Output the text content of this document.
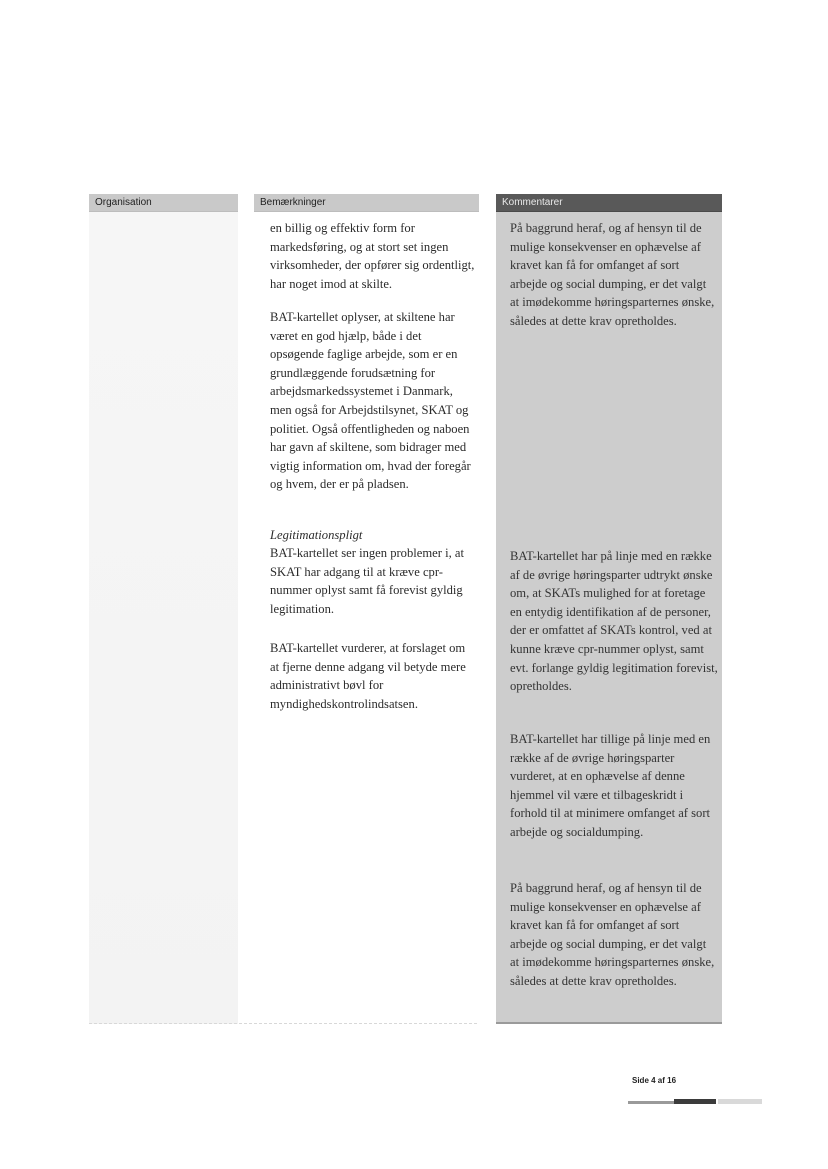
Organisation	Bemærkninger
en billig og effektiv form for markedsføring, og at stort set ingen virksomheder, der opfører sig ordentligt, har noget imod at skilte.
BAT-kartellet oplyser, at skiltene har været en god hjælp, både i det opsøgende faglige arbejde, som er en grundlæggende forudsætning for arbejdsmarkedssystemet i Danmark, men også for Arbejdstilsynet, SKAT og politiet. Også offentligheden og naboen har gavn af skiltene, som bidrager med vigtig information om, hvad der foregår og hvem, der er på pladsen.
Legitimationspligt
BAT-kartellet ser ingen problemer i, at SKAT har adgang til at kræve cpr-nummer oplyst samt få forevist gyldig legitimation.
BAT-kartellet vurderer, at forslaget om at fjerne denne adgang vil betyde mere administrativt bøvl for myndighedskontrolindsatsen.
Kommentarer
På baggrund heraf, og af hensyn til de mulige konsekvenser en ophævelse af kravet kan få for omfanget af sort arbejde og social dumping, er det valgt at imødekomme høringsparternes ønske, således at dette krav opretholdes.
BAT-kartellet har på linje med en række af de øvrige høringsparter udtrykt ønske om, at SKATs mulighed for at foretage en entydig identifikation af de personer, der er omfattet af SKATs kontrol, ved at kunne kræve cpr-nummer oplyst, samt evt. forlange gyldig legitimation forevist, opretholdes.
BAT-kartellet har tillige på linje med en række af de øvrige høringsparter vurderet, at en ophævelse af denne hjemmel vil være et tilbageskridt i forhold til at minimere omfanget af sort arbejde og socialdumping.
På baggrund heraf, og af hensyn til de mulige konsekvenser en ophævelse af kravet kan få for omfanget af sort arbejde og social dumping, er det valgt at imødekomme høringsparternes ønske, således at dette krav opretholdes.
Side 4 af 16
